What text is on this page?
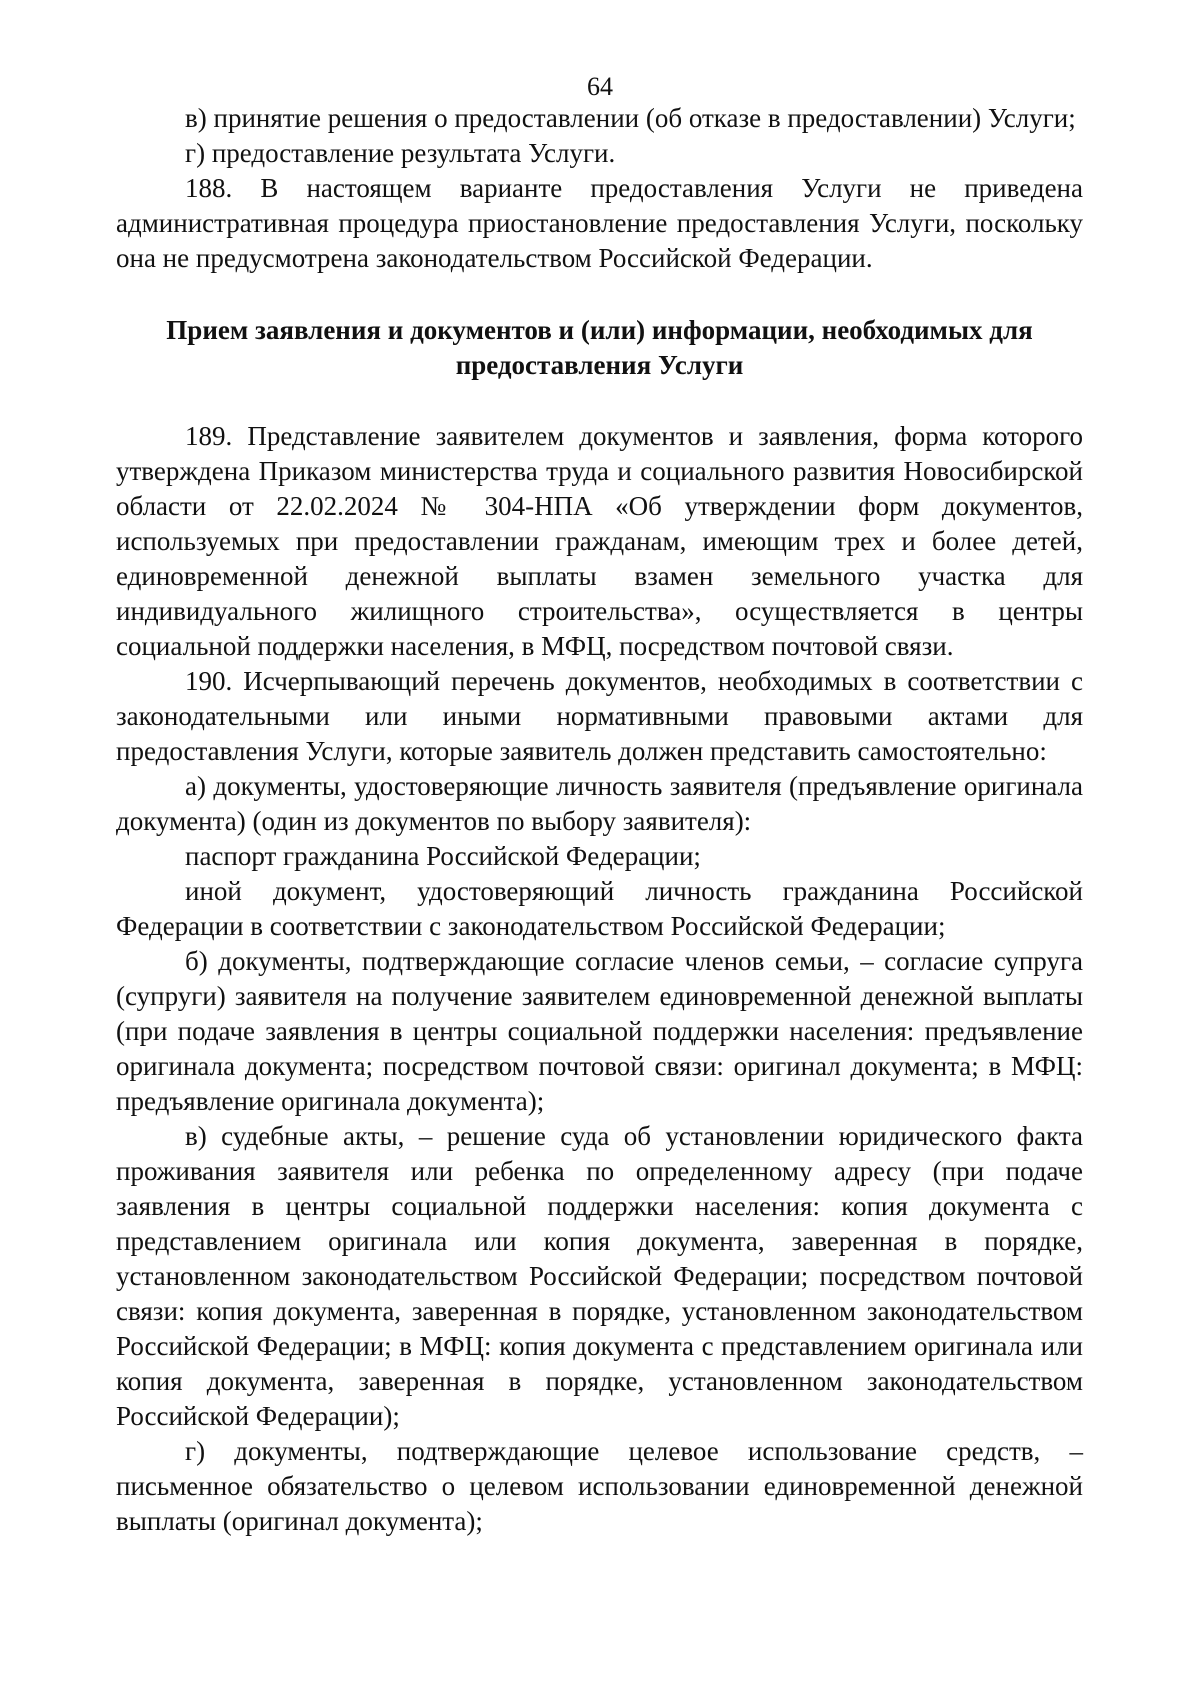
64

в) принятие решения о предоставлении (об отказе в предоставлении) Услуги;

г) предоставление результата Услуги.

188. В настоящем варианте предоставления Услуги не приведена административная процедура приостановление предоставления Услуги, поскольку она не предусмотрена законодательством Российской Федерации.

Прием заявления и документов и (или) информации, необходимых для предоставления Услуги

189. Представление заявителем документов и заявления, форма которого утверждена Приказом министерства труда и социального развития Новосибирской области от 22.02.2024 № 304-НПА «Об утверждении форм документов, используемых при предоставлении гражданам, имеющим трех и более детей, единовременной денежной выплаты взамен земельного участка для индивидуального жилищного строительства», осуществляется в центры социальной поддержки населения, в МФЦ, посредством почтовой связи.

190. Исчерпывающий перечень документов, необходимых в соответствии с законодательными или иными нормативными правовыми актами для предоставления Услуги, которые заявитель должен представить самостоятельно:

а) документы, удостоверяющие личность заявителя (предъявление оригинала документа) (один из документов по выбору заявителя):

паспорт гражданина Российской Федерации;

иной документ, удостоверяющий личность гражданина Российской Федерации в соответствии с законодательством Российской Федерации;

б) документы, подтверждающие согласие членов семьи, – согласие супруга (супруги) заявителя на получение заявителем единовременной денежной выплаты (при подаче заявления в центры социальной поддержки населения: предъявление оригинала документа; посредством почтовой связи: оригинал документа; в МФЦ: предъявление оригинала документа);

в) судебные акты, – решение суда об установлении юридического факта проживания заявителя или ребенка по определенному адресу (при подаче заявления в центры социальной поддержки населения: копия документа с представлением оригинала или копия документа, заверенная в порядке, установленном законодательством Российской Федерации; посредством почтовой связи: копия документа, заверенная в порядке, установленном законодательством Российской Федерации; в МФЦ: копия документа с представлением оригинала или копия документа, заверенная в порядке, установленном законодательством Российской Федерации);

г) документы, подтверждающие целевое использование средств, – письменное обязательство о целевом использовании единовременной денежной выплаты (оригинал документа);
